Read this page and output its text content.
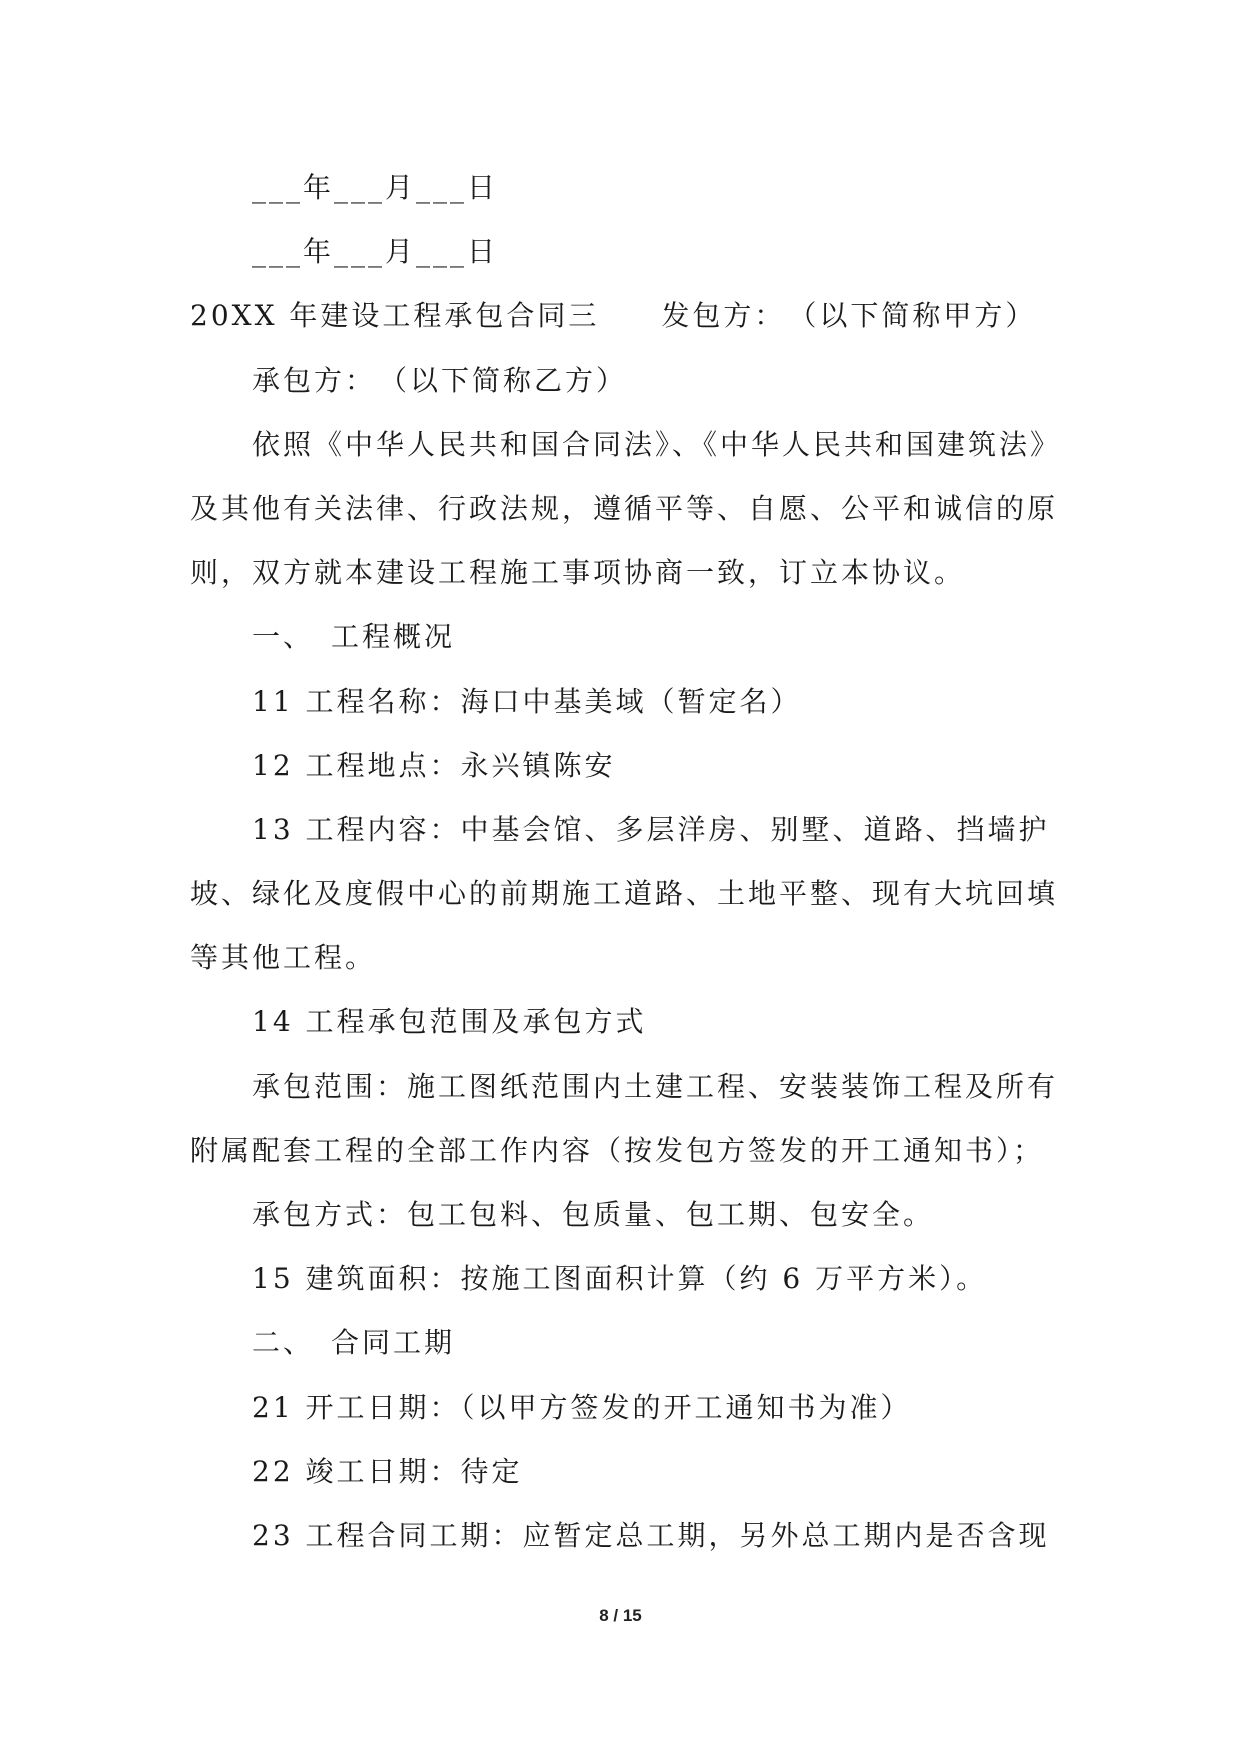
___年___月___日
___年___月___日
20XX 年建设工程承包合同三　　发包方：　（以下简称甲方）
承包方：　（以下简称乙方）
依照《中华人民共和国合同法》、《中华人民共和国建筑法》
及其他有关法律、行政法规，遵循平等、自愿、公平和诚信的原
则，双方就本建设工程施工事项协商一致，订立本协议。
一、　工程概况
11 工程名称：海口中基美域（暂定名）
12 工程地点：永兴镇陈安
13 工程内容：中基会馆、多层洋房、别墅、道路、挡墙护
坡、绿化及度假中心的前期施工道路、土地平整、现有大坑回填
等其他工程。
14 工程承包范围及承包方式
承包范围：施工图纸范围内土建工程、安装装饰工程及所有
附属配套工程的全部工作内容（按发包方签发的开工通知书）；
承包方式：包工包料、包质量、包工期、包安全。
15 建筑面积：按施工图面积计算（约 6 万平方米）。
二、　合同工期
21 开工日期：（以甲方签发的开工通知书为准）
22 竣工日期：待定
23 工程合同工期：应暂定总工期，另外总工期内是否含现
8 / 15
